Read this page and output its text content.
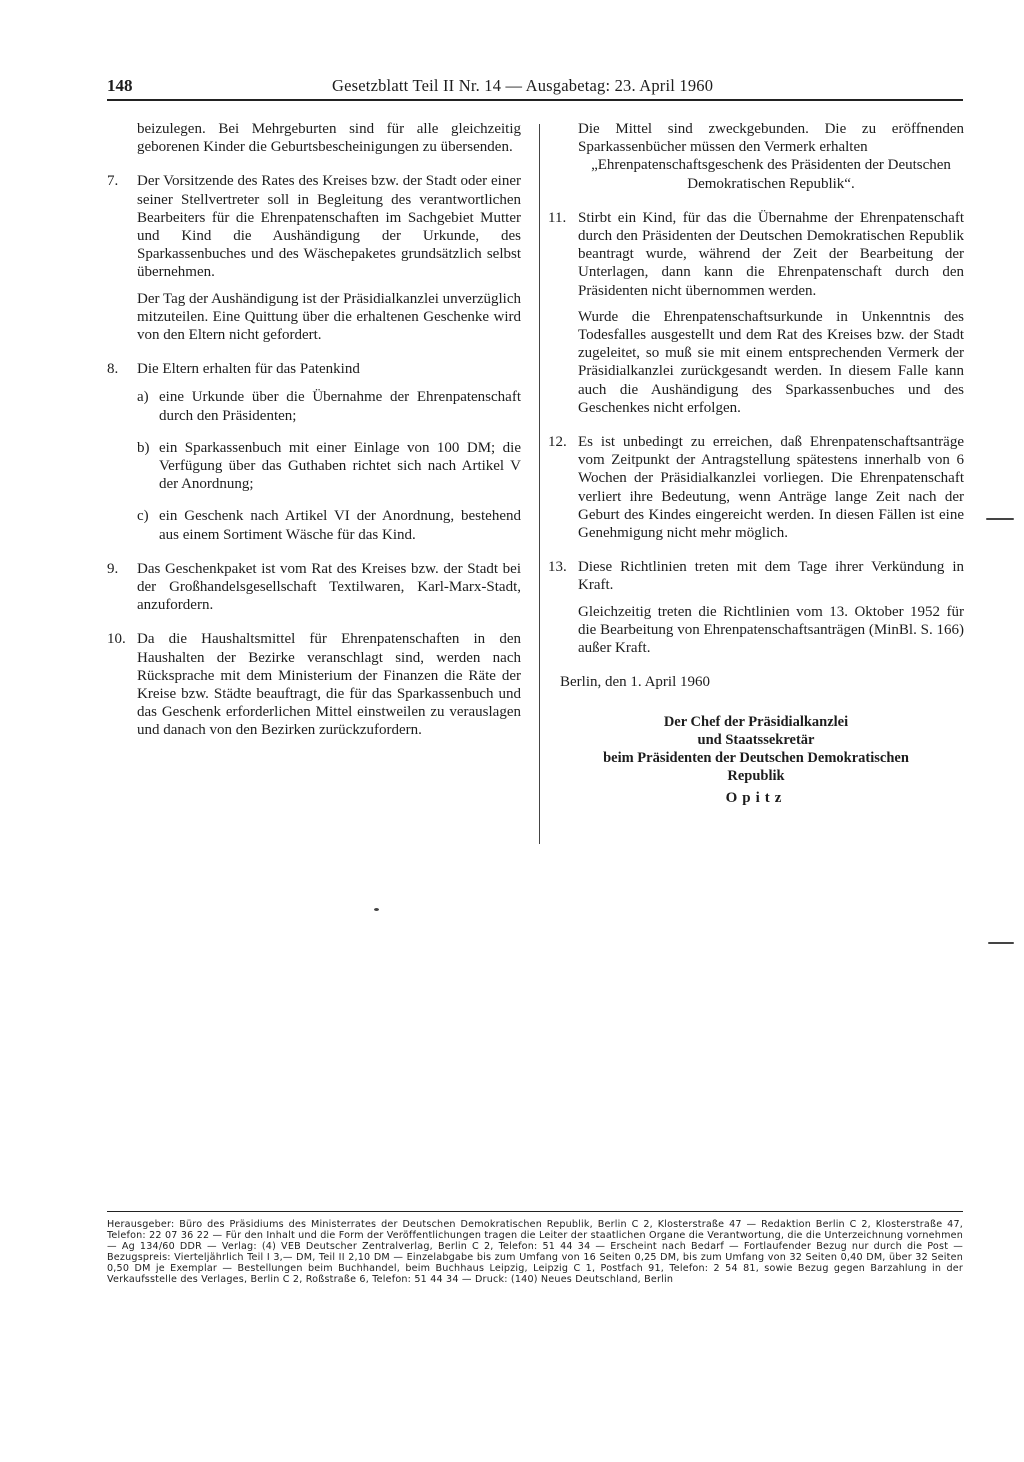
148	Gesetzblatt Teil II Nr. 14 — Ausgabetag: 23. April 1960

beizulegen. Bei Mehrgeburten sind für alle gleichzeitig geborenen Kinder die Geburtsbescheinigungen zu übersenden.

7. Der Vorsitzende des Rates des Kreises bzw. der Stadt oder einer seiner Stellvertreter soll in Begleitung des verantwortlichen Bearbeiters für die Ehrenpatenschaften im Sachgebiet Mutter und Kind die Aushändigung der Urkunde, des Sparkassenbuches und des Wäschepaketes grundsätzlich selbst übernehmen.

Der Tag der Aushändigung ist der Präsidialkanzlei unverzüglich mitzuteilen. Eine Quittung über die erhaltenen Geschenke wird von den Eltern nicht gefordert.

8. Die Eltern erhalten für das Patenkind

a) eine Urkunde über die Übernahme der Ehrenpatenschaft durch den Präsidenten;

b) ein Sparkassenbuch mit einer Einlage von 100 DM; die Verfügung über das Guthaben richtet sich nach Artikel V der Anordnung;

c) ein Geschenk nach Artikel VI der Anordnung, bestehend aus einem Sortiment Wäsche für das Kind.

9. Das Geschenkpaket ist vom Rat des Kreises bzw. der Stadt bei der Großhandelsgesellschaft Textilwaren, Karl-Marx-Stadt, anzufordern.

10. Da die Haushaltsmittel für Ehrenpatenschaften in den Haushalten der Bezirke veranschlagt sind, werden nach Rücksprache mit dem Ministerium der Finanzen die Räte der Kreise bzw. Städte beauftragt, die für das Sparkassenbuch und das Geschenk erforderlichen Mittel einstweilen zu verauslagen und danach von den Bezirken zurückzufordern.

Die Mittel sind zweckgebunden. Die zu eröffnenden Sparkassenbücher müssen den Vermerk erhalten

„Ehrenpatenschaftsgeschenk des Präsidenten der Deutschen Demokratischen Republik“.

11. Stirbt ein Kind, für das die Übernahme der Ehrenpatenschaft durch den Präsidenten der Deutschen Demokratischen Republik beantragt wurde, während der Zeit der Bearbeitung der Unterlagen, dann kann die Ehrenpatenschaft durch den Präsidenten nicht übernommen werden.

Wurde die Ehrenpatenschaftsurkunde in Unkenntnis des Todesfalles ausgestellt und dem Rat des Kreises bzw. der Stadt zugeleitet, so muß sie mit einem entsprechenden Vermerk der Präsidialkanzlei zurückgesandt werden. In diesem Falle kann auch die Aushändigung des Sparkassenbuches und des Geschenkes nicht erfolgen.

12. Es ist unbedingt zu erreichen, daß Ehrenpatenschaftsanträge vom Zeitpunkt der Antragstellung spätestens innerhalb von 6 Wochen der Präsidialkanzlei vorliegen. Die Ehrenpatenschaft verliert ihre Bedeutung, wenn Anträge lange Zeit nach der Geburt des Kindes eingereicht werden. In diesen Fällen ist eine Genehmigung nicht mehr möglich.

13. Diese Richtlinien treten mit dem Tage ihrer Verkündung in Kraft.

Gleichzeitig treten die Richtlinien vom 13. Oktober 1952 für die Bearbeitung von Ehrenpatenschaftsanträgen (MinBl. S. 166) außer Kraft.

Berlin, den 1. April 1960
Der Chef der Präsidialkanzlei
und Staatssekretär
beim Präsidenten der Deutschen Demokratischen
Republik
Opitz
Herausgeber: Büro des Präsidiums des Ministerrates der Deutschen Demokratischen Republik, Berlin C 2, Klosterstraße 47 — Redaktion Berlin C 2, Klosterstraße 47, Telefon: 22 07 36 22 — Für den Inhalt und die Form der Veröffentlichungen tragen die Leiter der staatlichen Organe die Verantwortung, die die Unterzeichnung vornehmen — Ag 134/60 DDR — Verlag: (4) VEB Deutscher Zentralverlag, Berlin C 2, Telefon: 51 44 34 — Erscheint nach Bedarf — Fortlaufender Bezug nur durch die Post — Bezugspreis: Vierteljährlich Teil I 3,— DM, Teil II 2,10 DM — Einzelabgabe bis zum Umfang von 16 Seiten 0,25 DM, bis zum Umfang von 32 Seiten 0,40 DM, über 32 Seiten 0,50 DM je Exemplar — Bestellungen beim Buchhandel, beim Buchhaus Leipzig, Leipzig C 1, Postfach 91, Telefon: 2 54 81, sowie Bezug gegen Barzahlung in der Verkaufsstelle des Verlages, Berlin C 2, Roßstraße 6, Telefon: 51 44 34 — Druck: (140) Neues Deutschland, Berlin
